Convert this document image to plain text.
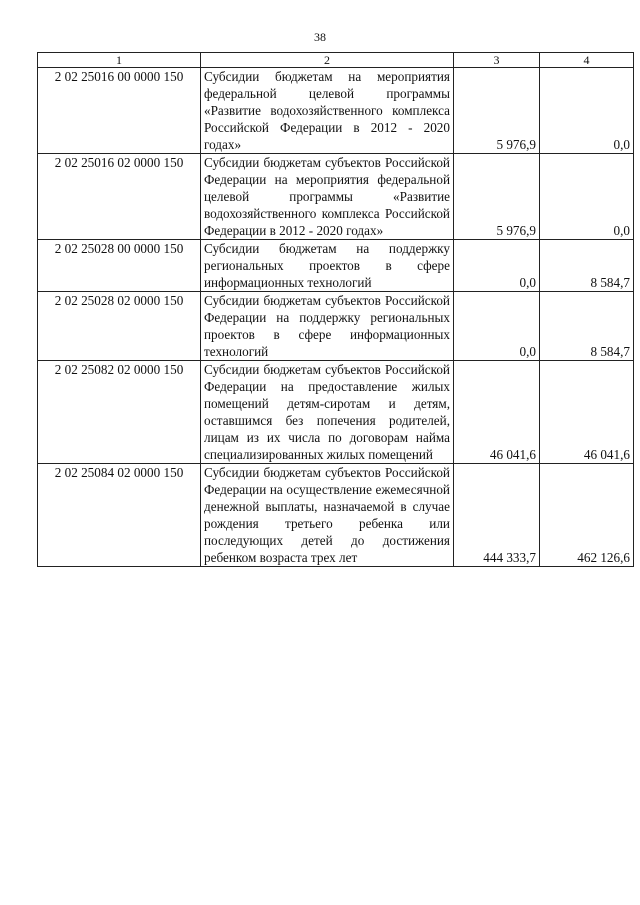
38
1	2	3	4
2 02 25016 00 0000 150	Субсидии бюджетам на мероприятия федеральной целевой программы «Развитие водохозяйственного комплекса Российской Федерации в 2012 - 2020 годах»	5 976,9	0,0
2 02 25016 02 0000 150	Субсидии бюджетам субъектов Российской Федерации на мероприятия федеральной целевой программы «Развитие водохозяйственного комплекса Российской Федерации в 2012 - 2020 годах»	5 976,9	0,0
2 02 25028 00 0000 150	Субсидии бюджетам на поддержку региональных проектов в сфере информационных технологий	0,0	8 584,7
2 02 25028 02 0000 150	Субсидии бюджетам субъектов Российской Федерации на поддержку региональных проектов в сфере информационных технологий	0,0	8 584,7
2 02 25082 02 0000 150	Субсидии бюджетам субъектов Российской Федерации на предоставление жилых помещений детям-сиротам и детям, оставшимся без попечения родителей, лицам из их числа по договорам найма специализированных жилых помещений	46 041,6	46 041,6
2 02 25084 02 0000 150	Субсидии бюджетам субъектов Российской Федерации на осуществление ежемесячной денежной выплаты, назначаемой в случае рождения третьего ребенка или последующих детей до достижения ребенком возраста трех лет	444 333,7	462 126,6
